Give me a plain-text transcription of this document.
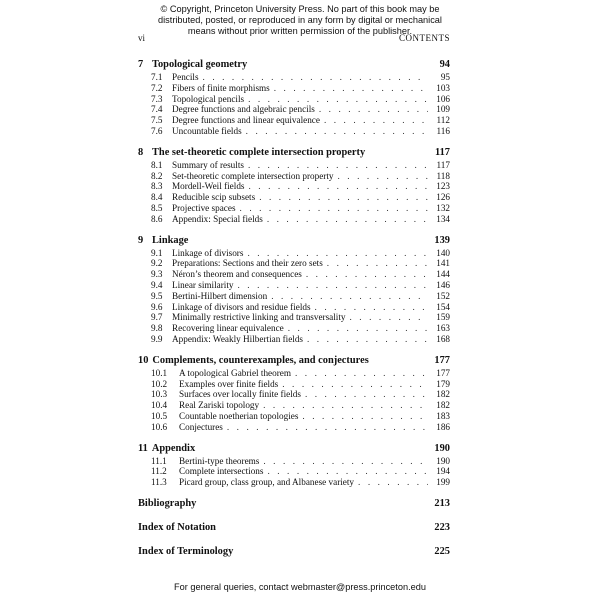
© Copyright, Princeton University Press. No part of this book may be
distributed, posted, or reproduced in any form by digital or mechanical
means without prior written permission of the publisher.
vi	CONTENTS
7 Topological geometry	94
7.1	Pencils . . .	95
7.2	Fibers of finite morphisms . . .	103
7.3	Topological pencils . . .	106
7.4	Degree functions and algebraic pencils . . .	109
7.5	Degree functions and linear equivalence . . .	112
7.6	Uncountable fields . . .	116
8 The set-theoretic complete intersection property	117
8.1	Summary of results . . .	117
8.2	Set-theoretic complete intersection property . . .	118
8.3	Mordell-Weil fields . . .	123
8.4	Reducible scip subsets . . .	126
8.5	Projective spaces . . .	132
8.6	Appendix: Special fields . . .	134
9 Linkage	139
9.1	Linkage of divisors . . .	140
9.2	Preparations: Sections and their zero sets . . .	141
9.3	Néron’s theorem and consequences . . .	144
9.4	Linear similarity . . .	146
9.5	Bertini-Hilbert dimension . . .	152
9.6	Linkage of divisors and residue fields . . .	154
9.7	Minimally restrictive linking and transversality . . .	159
9.8	Recovering linear equivalence . . .	163
9.9	Appendix: Weakly Hilbertian fields . . .	168
10 Complements, counterexamples, and conjectures	177
10.1	A topological Gabriel theorem . . .	177
10.2	Examples over finite fields . . .	179
10.3	Surfaces over locally finite fields . . .	182
10.4	Real Zariski topology . . .	182
10.5	Countable noetherian topologies . . .	183
10.6	Conjectures . . .	186
11 Appendix	190
11.1	Bertini-type theorems . . .	190
11.2	Complete intersections . . .	194
11.3	Picard group, class group, and Albanese variety . . .	199
Bibliography	213
Index of Notation	223
Index of Terminology	225
For general queries, contact webmaster@press.princeton.edu
